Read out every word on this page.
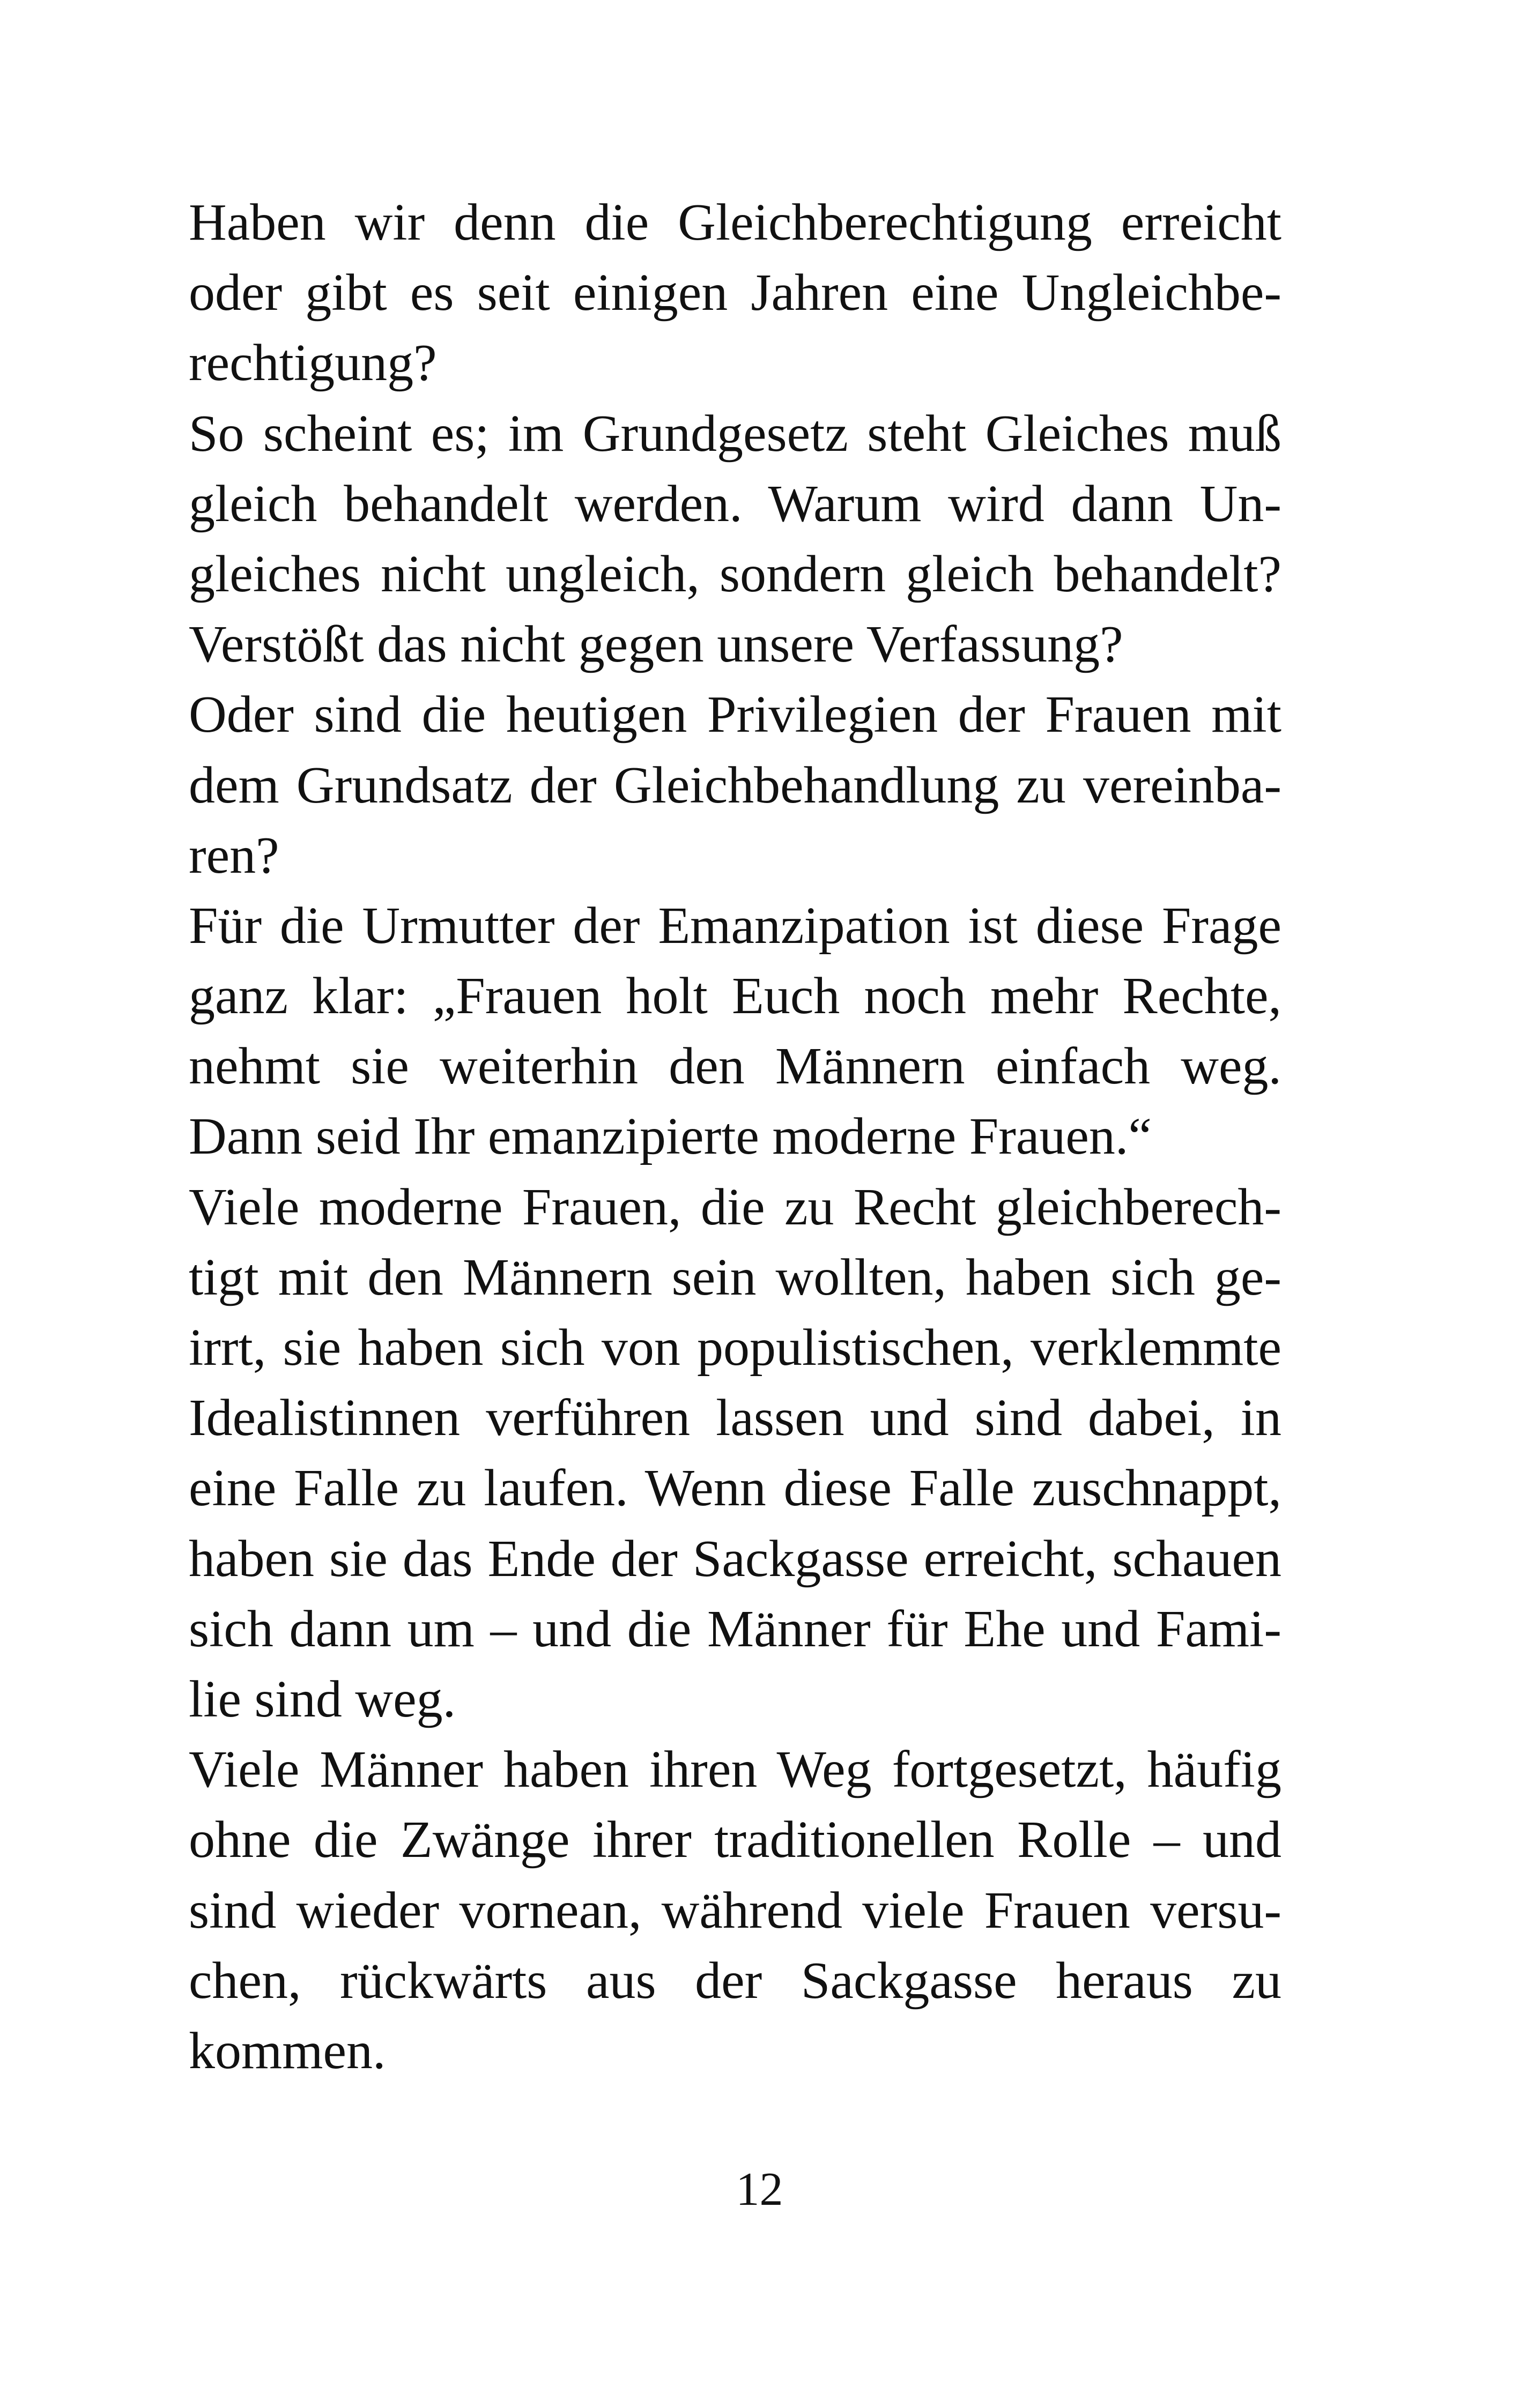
Haben wir denn die Gleichberechtigung erreicht
oder gibt es seit einigen Jahren eine Ungleichbe-
rechtigung?
So scheint es; im Grundgesetz steht Gleiches muß
gleich behandelt werden. Warum wird dann Un-
gleiches nicht ungleich, sondern gleich behandelt?
Verstößt das nicht gegen unsere Verfassung?
Oder sind die heutigen Privilegien der Frauen mit
dem Grundsatz der Gleichbehandlung zu vereinba-
ren?
Für die Urmutter der Emanzipation ist diese Frage
ganz klar: „Frauen holt Euch noch mehr Rechte,
nehmt sie weiterhin den Männern einfach weg.
Dann seid Ihr emanzipierte moderne Frauen.“
Viele moderne Frauen, die zu Recht gleichberech-
tigt mit den Männern sein wollten, haben sich ge-
irrt, sie haben sich von populistischen, verklemmte
Idealistinnen verführen lassen und sind dabei, in
eine Falle zu laufen. Wenn diese Falle zuschnappt,
haben sie das Ende der Sackgasse erreicht, schauen
sich dann um – und die Männer für Ehe und Fami-
lie sind weg.
Viele Männer haben ihren Weg fortgesetzt, häufig
ohne die Zwänge ihrer traditionellen Rolle – und
sind wieder vornean, während viele Frauen versu-
chen, rückwärts aus der Sackgasse heraus zu
kommen.
12
